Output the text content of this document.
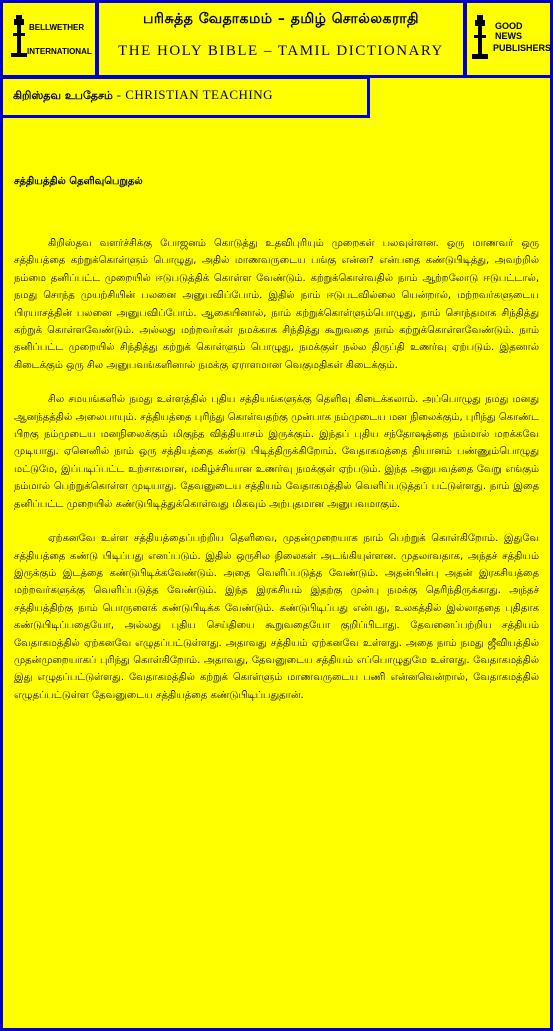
BELLWETHER
INTERNATIONAL
பரிசுத்த வேதாகமம் – தமிழ் சொல்லகராதி
THE HOLY BIBLE – TAMIL DICTIONARY
GOOD NEWS
PUBLISHERS
கிறிஸ்தவ உபதேசம் - CHRISTIAN TEACHING
சத்தியத்தில் தெளிவுபெறுதல்

கிறிஸ்தவ வளர்ச்சிக்கு போஜனம் கொடுத்து உதவிபுரியும் முறைகள் பலவுள்ளன. ஒரு மாணவர் ஒரு சத்தியத்தை கற்றுக்கொள்ளும் பொழுது, அதில் மாணவருடைய பங்கு என்ன? என்பதை கண்டுபிடித்து, அவற்றில் நம்மை தனிப்பட்ட முறையில் ஈடுபடுத்திக் கொள்ள வேண்டும். கற்றுக்கொள்வதில் நாம் ஆற்றலோடு ஈடுபட்டால், நமது சொந்த முயற்சியின் பலனை அனுபவிப்போம். இதில் நாம் ஈடுபடவில்லை யென்றால், மற்றவர்களுடைய பிரயாசத்தின் பலனை அனுபவிப்போம். ஆகையினால், நாம் கற்றுக்கொள்ளும்பொழுது, நாம் சொந்தமாக சிந்தித்து கற்றுக் கொள்ளவேண்டும். அல்லது மற்றவர்கள் நமக்காக சிந்தித்து கூறுவதை நாம் கற்றுக்கொள்ளவேண்டும். நாம் தனிப்பட்ட முறையில் சிந்தித்து கற்றுக் கொள்ளும் பொழுது, நமக்குள் நல்ல திருப்தி உணர்வு ஏற்படும். இதனால் கிடைக்கும் ஒரு சில அனுபவங்களினால் நமக்கு ஏராளமான வெகுமதிகள் கிடைக்கும்.

சில சமயங்களில் நமது உள்ளத்தில் புதிய சத்தியங்களுக்கு தெளிவு கிடைக்கலாம். அப்பொழுது நமது மனது ஆனந்தத்தில் அலைபாயும். சத்தியத்தை புரிந்து கொள்வதற்கு முன்பாக நம்முடைய மன நிலைக்கும், புரிந்து கொண்ட பிறகு நம்முடைய மனநிலைக்கும் மிகுந்த வித்தியாசம் இருக்கும். இந்தப் புதிய சந்தோஷத்தை நம்மால் மறக்கவே முடியாது. ஏனெனில் நாம் ஒரு சத்தியத்தை கண்டு பிடித்திருக்கிறோம். வேதாகமத்தை தியானம் பண்ணும்பொழுது மட்டுமே, இப்படிப்பட்ட உற்சாகமான, மகிழ்ச்சியான உணர்வு நமக்குள் ஏற்படும். இந்த அனுபவத்தை வேறு எங்கும் நம்மால் பெற்றுக்கொள்ள முடியாது. தேவனுடைய சத்தியம் வேதாகமத்தில் வெளிப்படுத்தப் பட்டுள்ளது. நாம் இதை தனிப்பட்ட முறையில் கண்டுபிடித்துக்கொள்வது மிகவும் அற்புதமான அனுபவமாகும்.

ஏற்கனவே உள்ள சத்தியத்தைப்பற்றிய தெளிவை, முதன்முறையாக நாம் பெற்றுக் கொள்கிறோம். இதுவே சத்தியத்தை கண்டு பிடிப்பது எனப்படும். இதில் ஒருசில நிலைகள் அடங்கியுள்ளன. முதலாவதாக, அந்தச் சத்தியம் இருக்கும் இடத்தை கண்டுபிடிக்கவேண்டும். அதை வெளிப்படுத்த வேண்டும். அதன்பின்பு அதன் இரகசியத்தை மற்றவர்களுக்கு வெளிப்படுத்த வேண்டும். இந்த இரகசியம் இதற்கு முன்பு நமக்கு தெரிந்திருக்காது. அந்தச் சத்தியத்திற்கு நாம் பொருளைக் கண்டுபிடிக்க வேண்டும். கண்டுபிடிப்பது என்பது, உலகத்தில் இல்லாததை புதிதாக கண்டுபிடிப்பதையோ, அல்லது புதிய செய்தியை கூறுவதையோ குறிப்பிடாது. தேவனைப்பற்றிய சத்தியம் வேதாகமத்தில் ஏற்கனவே எழுதப்பட்டுள்ளது. அதாவது சத்தியம் ஏற்கனவே உள்ளது. அதை நாம் நமது ஜீவியத்தில் முதன்முறையாகப் புரிந்து கொள்கிறோம். அதாவது, தேவனுடைய சத்தியம் எப்பொழுதுமே உள்ளது. வேதாகமத்தில் இது எழுதப்பட்டுள்ளது. வேதாகமத்தில் கற்றுக் கொள்ளும் மாணவருடைய பணி என்னவென்றால், வேதாகமத்தில் எழுதப்பட்டுள்ள தேவனுடைய சத்தியத்தை கண்டுபிடிப்பதுதான்.
